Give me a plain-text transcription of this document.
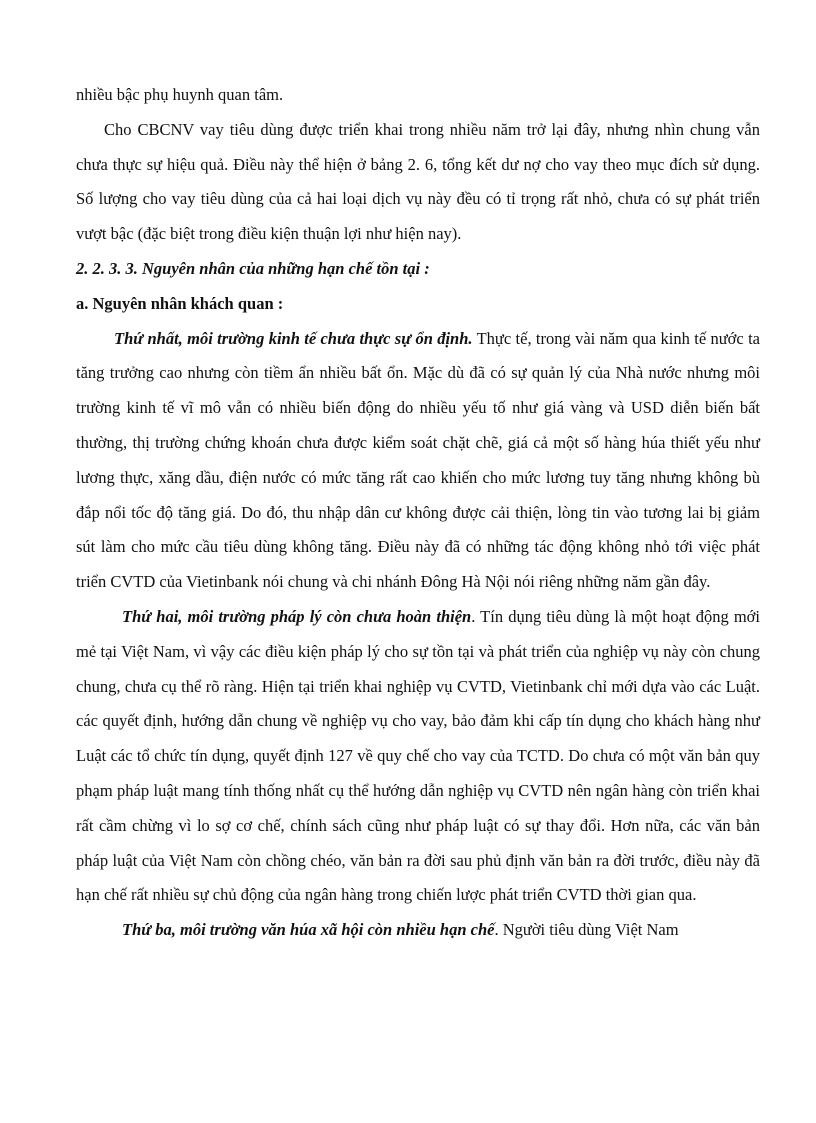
nhiều bậc phụ huynh quan tâm.

Cho CBCNV vay tiêu dùng được triển khai trong nhiều năm trở lại đây, nhưng nhìn chung vẫn chưa thực sự hiệu quả. Điều này thể hiện ở bảng 2. 6, tổng kết dư nợ cho vay theo mục đích sử dụng. Số lượng cho vay tiêu dùng của cả hai loại dịch vụ này đều có tỉ trọng rất nhỏ, chưa có sự phát triển vượt bậc (đặc biệt trong điều kiện thuận lợi như hiện nay).

2. 2. 3. 3. Nguyên nhân của những hạn chế tồn tại :

a. Nguyên nhân khách quan :

Thứ nhất, môi trường kinh tế chưa thực sự ổn định. Thực tế, trong vài năm qua kinh tế nước ta tăng trưởng cao nhưng còn tiềm ẩn nhiều bất ổn. Mặc dù đã có sự quản lý của Nhà nước nhưng môi trường kinh tế vĩ mô vẫn có nhiều biến động do nhiều yếu tố như giá vàng và USD diễn biến bất thường, thị trường chứng khoán chưa được kiểm soát chặt chẽ, giá cả một số hàng húa thiết yếu như lương thực, xăng dầu, điện nước có mức tăng rất cao khiến cho mức lương tuy tăng nhưng không bù đắp nổi tốc độ tăng giá. Do đó, thu nhập dân cư không được cải thiện, lòng tin vào tương lai bị giảm sút làm cho mức cầu tiêu dùng không tăng. Điều này đã có những tác động không nhỏ tới việc phát triển CVTD của Vietinbank nói chung và chi nhánh Đông Hà Nội nói riêng những năm gần đây.

Thứ hai, môi trường pháp lý còn chưa hoàn thiện. Tín dụng tiêu dùng là một hoạt động mới mẻ tại Việt Nam, vì vậy các điều kiện pháp lý cho sự tồn tại và phát triển của nghiệp vụ này còn chung chung, chưa cụ thể rõ ràng. Hiện tại triển khai nghiệp vụ CVTD, Vietinbank chỉ mới dựa vào các Luật. các quyết định, hướng dẫn chung về nghiệp vụ cho vay, bảo đảm khi cấp tín dụng cho khách hàng như Luật các tổ chức tín dụng, quyết định 127 về quy chế cho vay của TCTD. Do chưa có một văn bản quy phạm pháp luật mang tính thống nhất cụ thể hướng dẫn nghiệp vụ CVTD nên ngân hàng còn triển khai rất cầm chừng vì lo sợ cơ chế, chính sách cũng như pháp luật có sự thay đổi. Hơn nữa, các văn bản pháp luật của Việt Nam còn chồng chéo, văn bản ra đời sau phủ định văn bản ra đời trước, điều này đã hạn chế rất nhiều sự chủ động của ngân hàng trong chiến lược phát triển CVTD thời gian qua.

Thứ ba, môi trường văn húa xã hội còn nhiều hạn chế. Người tiêu dùng Việt Nam
